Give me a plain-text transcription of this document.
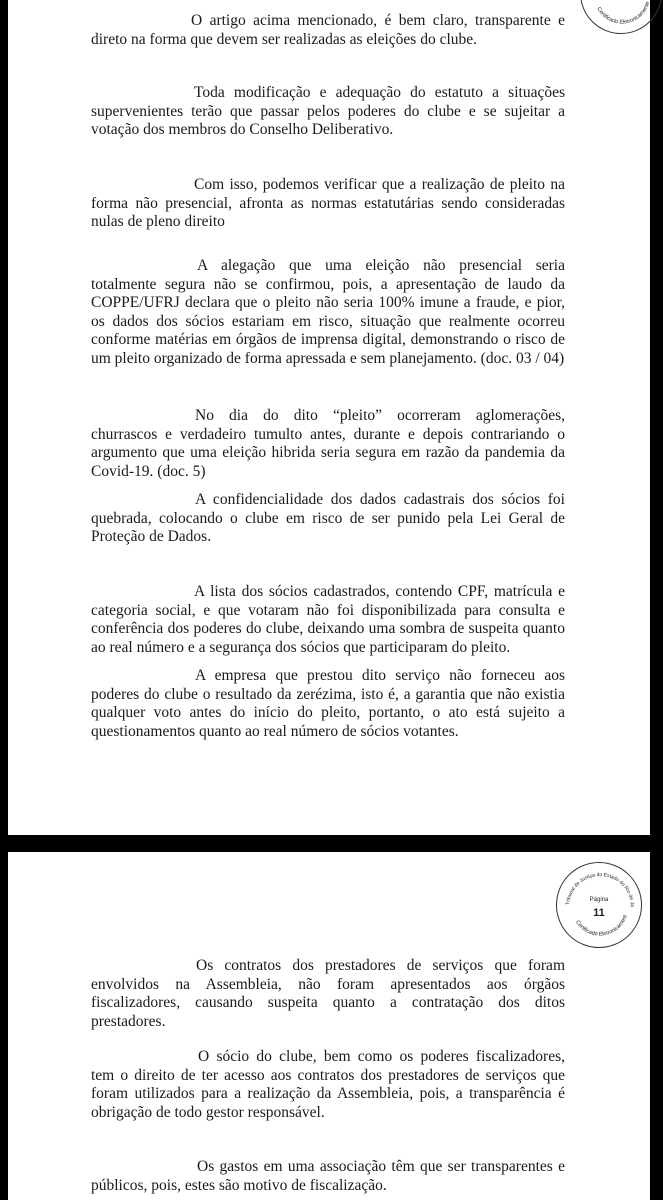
Certificado Eletronicamente

O artigo acima mencionado, é bem claro, transparente e direto na forma que devem ser realizadas as eleições do clube.

Toda modificação e adequação do estatuto a situações supervenientes terão que passar pelos poderes do clube e se sujeitar a votação dos membros do Conselho Deliberativo.

Com isso, podemos verificar que a realização de pleito na forma não presencial, afronta as normas estatutárias sendo consideradas nulas de pleno direito

A alegação que uma eleição não presencial seria totalmente segura não se confirmou, pois, a apresentação de laudo da COPPE/UFRJ declara que o pleito não seria 100% imune a fraude, e pior, os dados dos sócios estariam em risco, situação que realmente ocorreu conforme matérias em órgãos de imprensa digital, demonstrando o risco de um pleito organizado de forma apressada e sem planejamento. (doc. 03 / 04)

No dia do dito “pleito” ocorreram aglomerações, churrascos e verdadeiro tumulto antes, durante e depois contrariando o argumento que uma eleição hibrida seria segura em razão da pandemia da Covid-19. (doc. 5)

A confidencialidade dos dados cadastrais dos sócios foi quebrada, colocando o clube em risco de ser punido pela Lei Geral de Proteção de Dados.

A lista dos sócios cadastrados, contendo CPF, matrícula e categoria social, e que votaram não foi disponibilizada para consulta e conferência dos poderes do clube, deixando uma sombra de suspeita quanto ao real número e a segurança dos sócios que participaram do pleito.

A empresa que prestou dito serviço não forneceu aos poderes do clube o resultado da zerézima, isto é, a garantia que não existia qualquer voto antes do início do pleito, portanto, o ato está sujeito a questionamentos quanto ao real número de sócios votantes.

Tribunal de Justiça do Estado do Rio de Ja
Certificado Eletronicament
Página
11

Os contratos dos prestadores de serviços que foram envolvidos na Assembleia, não foram apresentados aos órgãos fiscalizadores, causando suspeita quanto a contratação dos ditos prestadores.

O sócio do clube, bem como os poderes fiscalizadores, tem o direito de ter acesso aos contratos dos prestadores de serviços que foram utilizados para a realização da Assembleia, pois, a transparência é obrigação de todo gestor responsável.

Os gastos em uma associação têm que ser transparentes e públicos, pois, estes são motivo de fiscalização.
